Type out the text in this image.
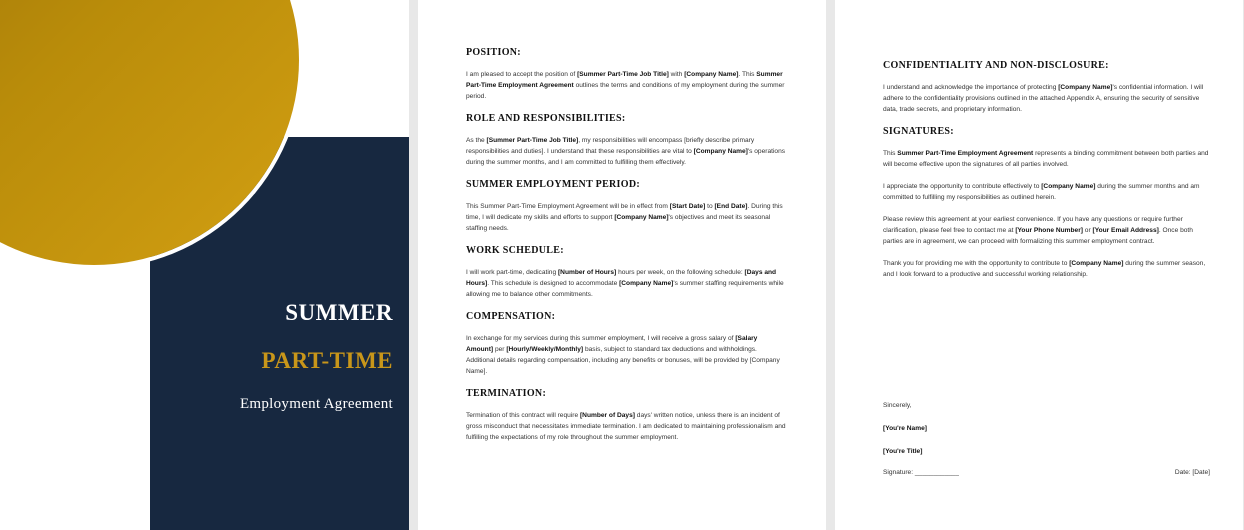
SUMMER
PART-TIME
Employment Agreement
POSITION:

I am pleased to accept the position of [Summer Part-Time Job Title] with [Company Name]. This Summer Part-Time Employment Agreement outlines the terms and conditions of my employment during the summer period.

ROLE AND RESPONSIBILITIES:

As the [Summer Part-Time Job Title], my responsibilities will encompass [briefly describe primary responsibilities and duties]. I understand that these responsibilities are vital to [Company Name]'s operations during the summer months, and I am committed to fulfilling them effectively.

SUMMER EMPLOYMENT PERIOD:

This Summer Part-Time Employment Agreement will be in effect from [Start Date] to [End Date]. During this time, I will dedicate my skills and efforts to support [Company Name]'s objectives and meet its seasonal staffing needs.

WORK SCHEDULE:

I will work part-time, dedicating [Number of Hours] hours per week, on the following schedule: [Days and Hours]. This schedule is designed to accommodate [Company Name]'s summer staffing requirements while allowing me to balance other commitments.

COMPENSATION:

In exchange for my services during this summer employment, I will receive a gross salary of [Salary Amount] per [Hourly/Weekly/Monthly] basis, subject to standard tax deductions and withholdings. Additional details regarding compensation, including any benefits or bonuses, will be provided by [Company Name].

TERMINATION:

Termination of this contract will require [Number of Days] days' written notice, unless there is an incident of gross misconduct that necessitates immediate termination. I am dedicated to maintaining professionalism and fulfilling the expectations of my role throughout the summer employment.

CONFIDENTIALITY AND NON-DISCLOSURE:

I understand and acknowledge the importance of protecting [Company Name]'s confidential information. I will adhere to the confidentiality provisions outlined in the attached Appendix A, ensuring the security of sensitive data, trade secrets, and proprietary information.

SIGNATURES:

This Summer Part-Time Employment Agreement represents a binding commitment between both parties and will become effective upon the signatures of all parties involved.

I appreciate the opportunity to contribute effectively to [Company Name] during the summer months and am committed to fulfilling my responsibilities as outlined herein.

Please review this agreement at your earliest convenience. If you have any questions or require further clarification, please feel free to contact me at [Your Phone Number] or [Your Email Address]. Once both parties are in agreement, we can proceed with formalizing this summer employment contract.

Thank you for providing me with the opportunity to contribute to [Company Name] during the summer season, and I look forward to a productive and successful working relationship.

Sincerely,
[You're Name]
[You're Title]
Signature: ____________	Date: [Date]
